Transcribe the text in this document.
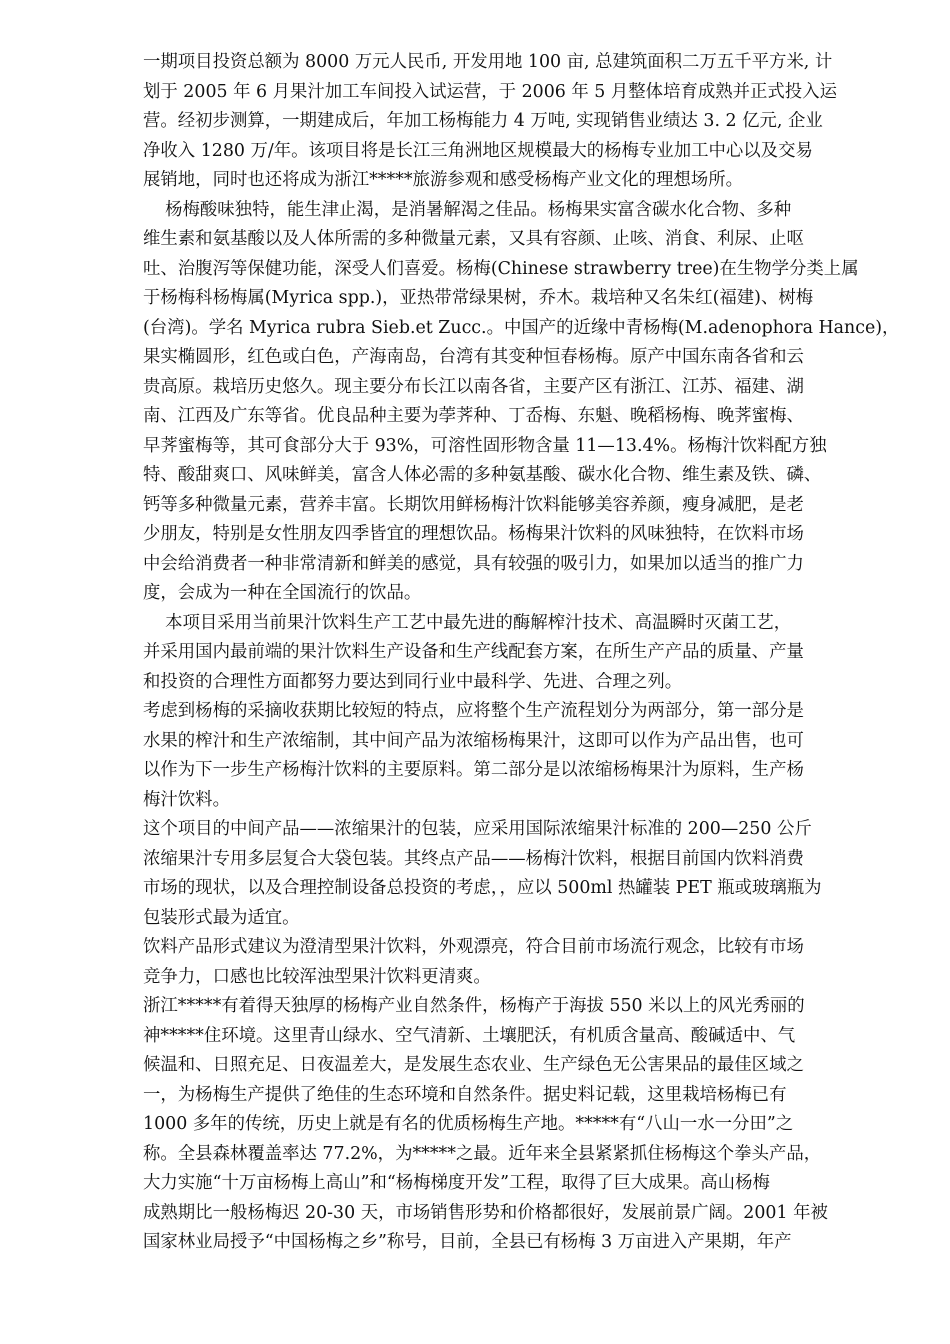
一期项目投资总额为 8000 万元人民币, 开发用地 100 亩, 总建筑面积二万五千平方米, 计
划于 2005 年 6 月果汁加工车间投入试运营，于 2006 年 5 月整体培育成熟并正式投入运
营。经初步测算，一期建成后，年加工杨梅能力 4 万吨, 实现销售业绩达 3. 2 亿元, 企业
净收入 1280 万/年。该项目将是长江三角洲地区规模最大的杨梅专业加工中心以及交易
展销地，同时也还将成为浙江*****旅游参观和感受杨梅产业文化的理想场所。
杨梅酸味独特，能生津止渴，是消暑解渴之佳品。杨梅果实富含碳水化合物、多种
维生素和氨基酸以及人体所需的多种微量元素，又具有容颜、止咳、消食、利尿、止呕
吐、治腹泻等保健功能，深受人们喜爱。杨梅(Chinese strawberry tree)在生物学分类上属
于杨梅科杨梅属(Myrica spp.)，亚热带常绿果树，乔木。栽培种又名朱红(福建)、树梅
(台湾)。学名 Myrica rubra Sieb.et Zucc.。中国产的近缘中青杨梅(M.adenophora Hance)，
果实椭圆形，红色或白色，产海南岛，台湾有其变种恒春杨梅。原产中国东南各省和云
贵高原。栽培历史悠久。现主要分布长江以南各省，主要产区有浙江、江苏、福建、湖
南、江西及广东等省。优良品种主要为荸荠种、丁岙梅、东魁、晚稻杨梅、晚荠蜜梅、
早荠蜜梅等，其可食部分大于 93%，可溶性固形物含量 11—13.4%。杨梅汁饮料配方独
特、酸甜爽口、风味鲜美，富含人体必需的多种氨基酸、碳水化合物、维生素及铁、磷、
钙等多种微量元素，营养丰富。长期饮用鲜杨梅汁饮料能够美容养颜，瘦身减肥，是老
少朋友，特别是女性朋友四季皆宜的理想饮品。杨梅果汁饮料的风味独特，在饮料市场
中会给消费者一种非常清新和鲜美的感觉，具有较强的吸引力，如果加以适当的推广力
度，会成为一种在全国流行的饮品。
本项目采用当前果汁饮料生产工艺中最先进的酶解榨汁技术、高温瞬时灭菌工艺，
并采用国内最前端的果汁饮料生产设备和生产线配套方案，在所生产产品的质量、产量
和投资的合理性方面都努力要达到同行业中最科学、先进、合理之列。
考虑到杨梅的采摘收获期比较短的特点，应将整个生产流程划分为两部分，第一部分是
水果的榨汁和生产浓缩制，其中间产品为浓缩杨梅果汁，这即可以作为产品出售，也可
以作为下一步生产杨梅汁饮料的主要原料。第二部分是以浓缩杨梅果汁为原料，生产杨
梅汁饮料。
这个项目的中间产品——浓缩果汁的包装，应采用国际浓缩果汁标准的 200—250 公斤
浓缩果汁专用多层复合大袋包装。其终点产品——杨梅汁饮料，根据目前国内饮料消费
市场的现状，以及合理控制设备总投资的考虑，，应以 500ml 热罐装 PET 瓶或玻璃瓶为
包装形式最为适宜。
饮料产品形式建议为澄清型果汁饮料，外观漂亮，符合目前市场流行观念，比较有市场
竞争力，口感也比较浑浊型果汁饮料更清爽。
浙江*****有着得天独厚的杨梅产业自然条件，杨梅产于海拔 550 米以上的风光秀丽的
神*****住环境。这里青山绿水、空气清新、土壤肥沃，有机质含量高、酸碱适中、气
候温和、日照充足、日夜温差大，是发展生态农业、生产绿色无公害果品的最佳区域之
一，为杨梅生产提供了绝佳的生态环境和自然条件。据史料记载，这里栽培杨梅已有
1000 多年的传统，历史上就是有名的优质杨梅生产地。*****有“八山一水一分田”之
称。全县森林覆盖率达 77.2%，为*****之最。近年来全县紧紧抓住杨梅这个拳头产品，
大力实施“十万亩杨梅上高山”和“杨梅梯度开发”工程，取得了巨大成果。高山杨梅
成熟期比一般杨梅迟 20-30 天，市场销售形势和价格都很好，发展前景广阔。2001 年被
国家林业局授予“中国杨梅之乡”称号，目前，全县已有杨梅 3 万亩进入产果期，年产
